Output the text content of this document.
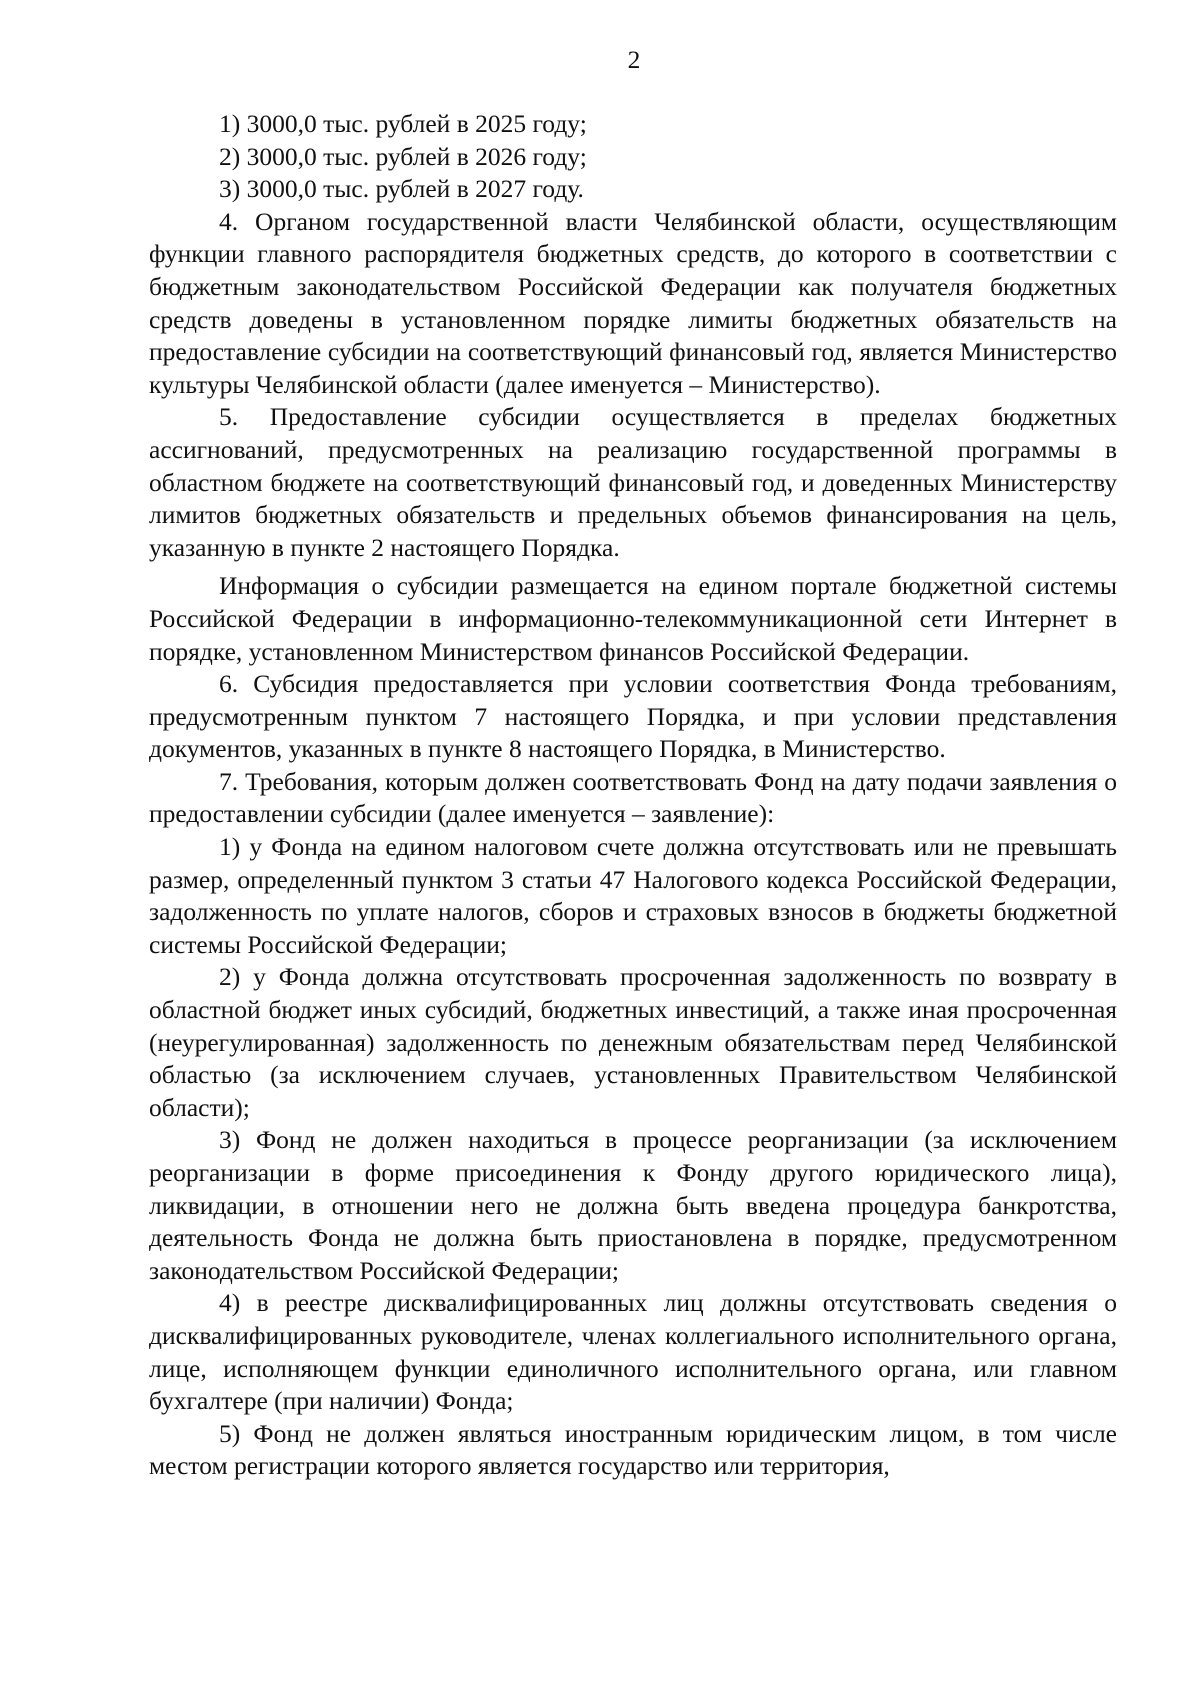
2

1) 3000,0 тыс. рублей в 2025 году;

2) 3000,0 тыс. рублей в 2026 году;

3) 3000,0 тыс. рублей в 2027 году.

4. Органом государственной власти Челябинской области, осуществляющим функции главного распорядителя бюджетных средств, до которого в соответствии с бюджетным законодательством Российской Федерации как получателя бюджетных средств доведены в установленном порядке лимиты бюджетных обязательств на предоставление субсидии на соответствующий финансовый год, является Министерство культуры Челябинской области (далее именуется – Министерство).

5. Предоставление субсидии осуществляется в пределах бюджетных ассигнований, предусмотренных на реализацию государственной программы в областном бюджете на соответствующий финансовый год, и доведенных Министерству лимитов бюджетных обязательств и предельных объемов финансирования на цель, указанную в пункте 2 настоящего Порядка.

Информация о субсидии размещается на едином портале бюджетной системы Российской Федерации в информационно-телекоммуникационной сети Интернет в порядке, установленном Министерством финансов Российской Федерации.

6. Субсидия предоставляется при условии соответствия Фонда требованиям, предусмотренным пунктом 7 настоящего Порядка, и при условии представления документов, указанных в пункте 8 настоящего Порядка, в Министерство.

7. Требования, которым должен соответствовать Фонд на дату подачи заявления о предоставлении субсидии (далее именуется – заявление):

1) у Фонда на едином налоговом счете должна отсутствовать или не превышать размер, определенный пунктом 3 статьи 47 Налогового кодекса Российской Федерации, задолженность по уплате налогов, сборов и страховых взносов в бюджеты бюджетной системы Российской Федерации;

2) у Фонда должна отсутствовать просроченная задолженность по возврату в областной бюджет иных субсидий, бюджетных инвестиций, а также иная просроченная (неурегулированная) задолженность по денежным обязательствам перед Челябинской областью (за исключением случаев, установленных Правительством Челябинской области);

3) Фонд не должен находиться в процессе реорганизации (за исключением реорганизации в форме присоединения к Фонду другого юридического лица), ликвидации, в отношении него не должна быть введена процедура банкротства, деятельность Фонда не должна быть приостановлена в порядке, предусмотренном законодательством Российской Федерации;

4) в реестре дисквалифицированных лиц должны отсутствовать сведения о дисквалифицированных руководителе, членах коллегиального исполнительного органа, лице, исполняющем функции единоличного исполнительного органа, или главном бухгалтере (при наличии) Фонда;

5) Фонд не должен являться иностранным юридическим лицом, в том числе местом регистрации которого является государство или территория,
